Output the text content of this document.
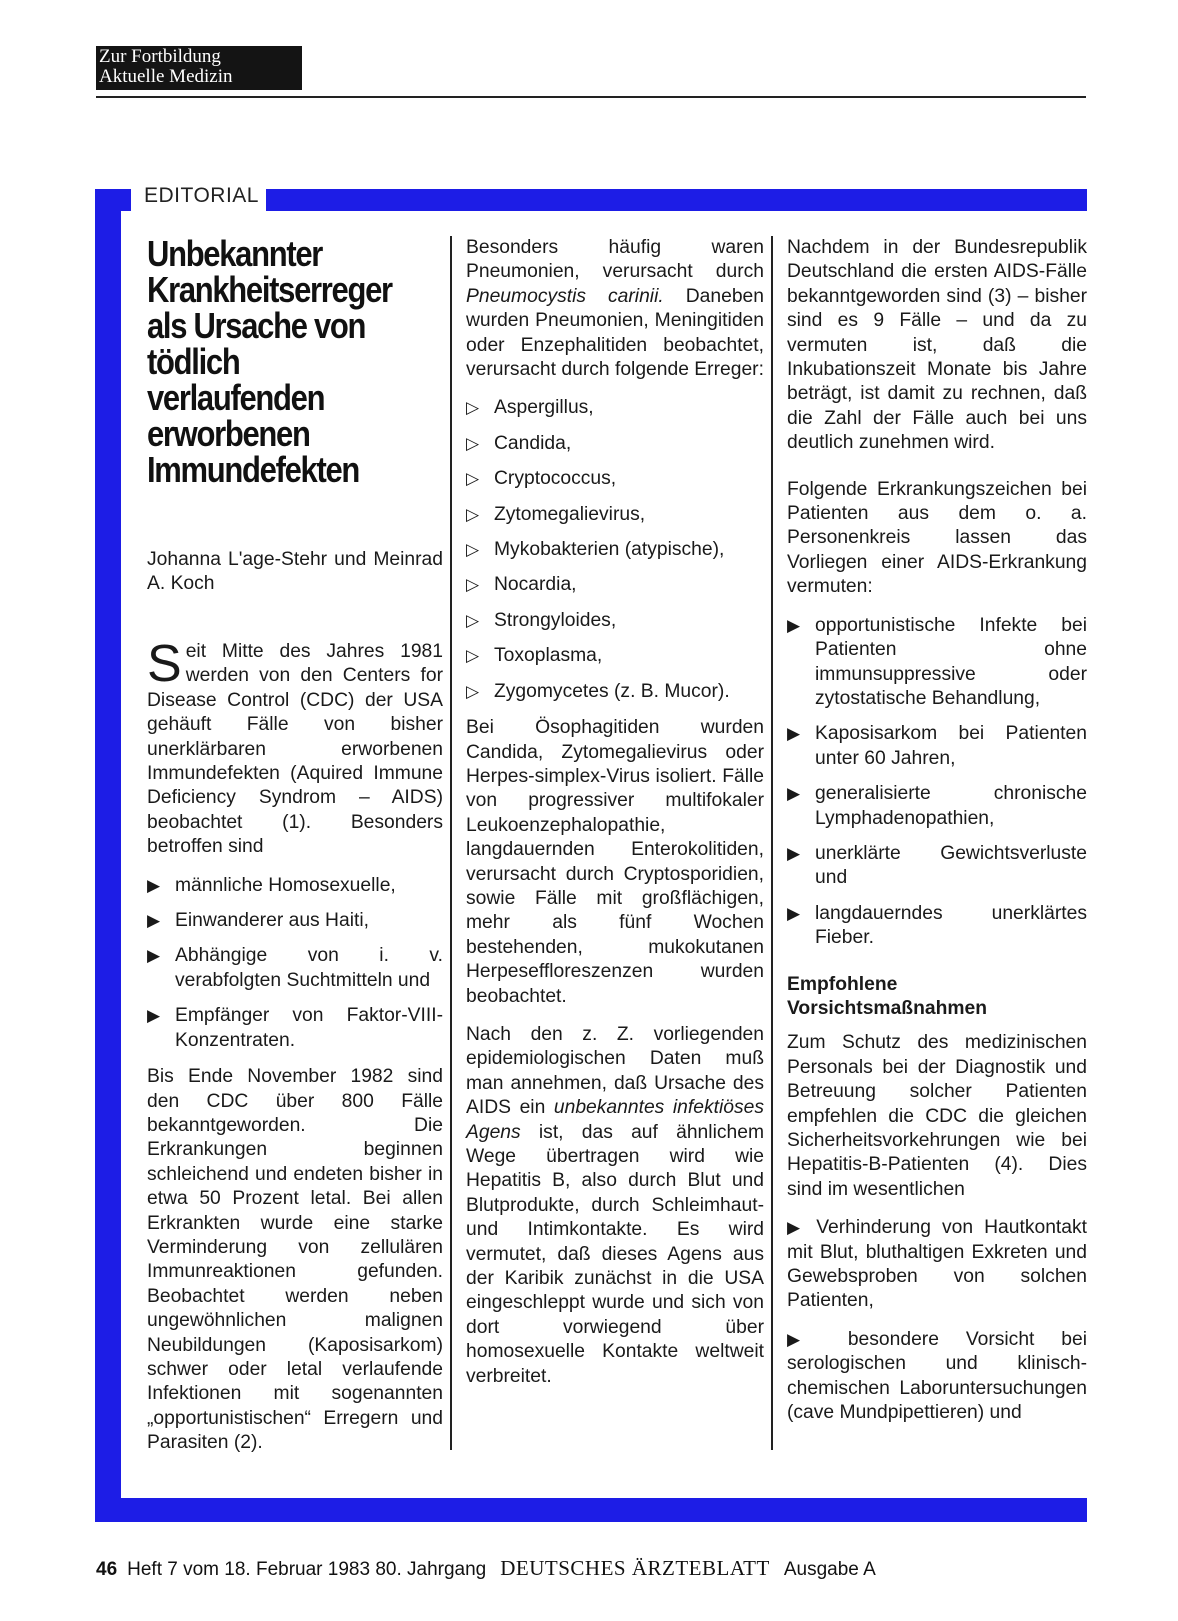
Zur Fortbildung
Aktuelle Medizin
EDITORIAL
Unbekannter Krankheitserreger als Ursache von tödlich verlaufenden erworbenen Immundefekten
Johanna L'age-Stehr und Meinrad A. Koch

Seit Mitte des Jahres 1981 werden von den Centers for Disease Control (CDC) der USA gehäuft Fälle von bisher unerklärbaren erworbenen Immundefekten (Aquired Immune Deficiency Syndrom – AIDS) beobachtet (1). Besonders betroffen sind

▶ männliche Homosexuelle,
▶ Einwanderer aus Haiti,
▶ Abhängige von i. v. verabfolgten Suchtmitteln und
▶ Empfänger von Faktor-VIII-Konzentraten.

Bis Ende November 1982 sind den CDC über 800 Fälle bekanntgeworden. Die Erkrankungen beginnen schleichend und endeten bisher in etwa 50 Prozent letal. Bei allen Erkrankten wurde eine starke Verminderung von zellulären Immunreaktionen gefunden. Beobachtet werden neben ungewöhnlichen malignen Neubildungen (Kaposisarkom) schwer oder letal verlaufende Infektionen mit sogenannten „opportunistischen“ Erregern und Parasiten (2).

Besonders häufig waren Pneumonien, verursacht durch Pneumocystis carinii. Daneben wurden Pneumonien, Meningitiden oder Enzephalitiden beobachtet, verursacht durch folgende Erreger:

▷ Aspergillus,
▷ Candida,
▷ Cryptococcus,
▷ Zytomegalievirus,
▷ Mykobakterien (atypische),
▷ Nocardia,
▷ Strongyloides,
▷ Toxoplasma,
▷ Zygomycetes (z. B. Mucor).

Bei Ösophagitiden wurden Candida, Zytomegalievirus oder Herpes-simplex-Virus isoliert. Fälle von progressiver multifokaler Leukoenzephalopathie, langdauernden Enterokolitiden, verursacht durch Cryptosporidien, sowie Fälle mit großflächigen, mehr als fünf Wochen bestehenden, mukokutanen Herpeseffloreszenzen wurden beobachtet.

Nach den z. Z. vorliegenden epidemiologischen Daten muß man annehmen, daß Ursache des AIDS ein unbekanntes infektiöses Agens ist, das auf ähnlichem Wege übertragen wird wie Hepatitis B, also durch Blut und Blutprodukte, durch Schleimhaut- und Intimkontakte. Es wird vermutet, daß dieses Agens aus der Karibik zunächst in die USA eingeschleppt wurde und sich von dort vorwiegend über homosexuelle Kontakte weltweit verbreitet.

Nachdem in der Bundesrepublik Deutschland die ersten AIDS-Fälle bekanntgeworden sind (3) – bisher sind es 9 Fälle – und da zu vermuten ist, daß die Inkubationszeit Monate bis Jahre beträgt, ist damit zu rechnen, daß die Zahl der Fälle auch bei uns deutlich zunehmen wird.

Folgende Erkrankungszeichen bei Patienten aus dem o. a. Personenkreis lassen das Vorliegen einer AIDS-Erkrankung vermuten:

▶ opportunistische Infekte bei Patienten ohne immunsuppressive oder zytostatische Behandlung,
▶ Kaposisarkom bei Patienten unter 60 Jahren,
▶ generalisierte chronische Lymphadenopathien,
▶ unerklärte Gewichtsverluste und
▶ langdauerndes unerklärtes Fieber.
Empfohlene
Vorsichtsmaßnahmen

Zum Schutz des medizinischen Personals bei der Diagnostik und Betreuung solcher Patienten empfehlen die CDC die gleichen Sicherheitsvorkehrungen wie bei Hepatitis-B-Patienten (4). Dies sind im wesentlichen

▶ Verhinderung von Hautkontakt mit Blut, bluthaltigen Exkreten und Gewebsproben von solchen Patienten,

▶ besondere Vorsicht bei serologischen und klinisch-chemischen Laboruntersuchungen (cave Mundpipettieren) und

46 Heft 7 vom 18. Februar 1983 80. Jahrgang DEUTSCHES ÄRZTEBLATT Ausgabe A
